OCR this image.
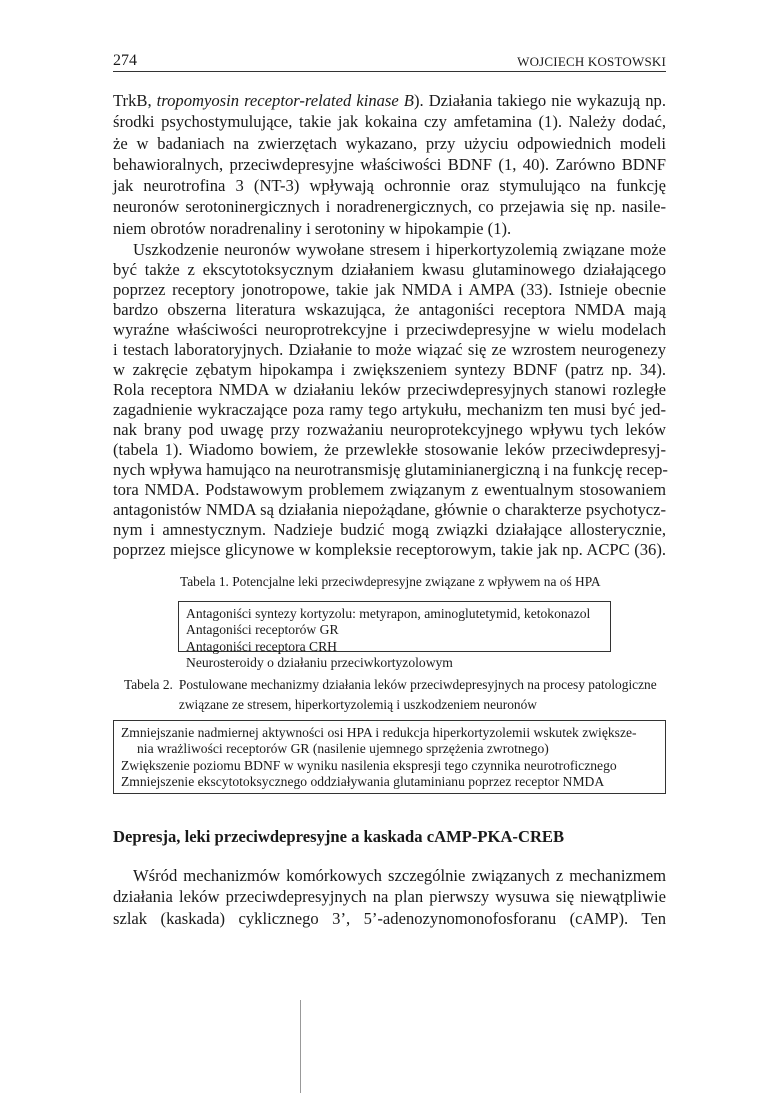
274	WOJCIECH KOSTOWSKI
TrkB, tropomyosin receptor-related kinase B). Działania takiego nie wykazują np.
środki psychostymulujące, takie jak kokaina czy amfetamina (1). Należy dodać,
że w badaniach na zwierzętach wykazano, przy użyciu odpowiednich modeli
behawioralnych, przeciwdepresyjne właściwości BDNF (1, 40). Zarówno BDNF
jak neurotrofina 3 (NT-3) wpływają ochronnie oraz stymulująco na funkcję
neuronów serotoninergicznych i noradrenergicznych, co przejawia się np. nasile-
niem obrotów noradrenaliny i serotoniny w hipokampie (1).
Uszkodzenie neuronów wywołane stresem i hiperkortyzolemią związane może
być także z ekscytotoksycznym działaniem kwasu glutaminowego działającego
poprzez receptory jonotropowe, takie jak NMDA i AMPA (33). Istnieje obecnie
bardzo obszerna literatura wskazująca, że antagoniści receptora NMDA mają
wyraźne właściwości neuroprotrekcyjne i przeciwdepresyjne w wielu modelach
i testach laboratoryjnych. Działanie to może wiązać się ze wzrostem neurogenezy
w zakręcie zębatym hipokampa i zwiększeniem syntezy BDNF (patrz np. 34).
Rola receptora NMDA w działaniu leków przeciwdepresyjnych stanowi rozległe
zagadnienie wykraczające poza ramy tego artykułu, mechanizm ten musi być jed-
nak brany pod uwagę przy rozważaniu neuroprotekcyjnego wpływu tych leków
(tabela 1). Wiadomo bowiem, że przewlekłe stosowanie leków przeciwdepresyj-
nych wpływa hamująco na neurotransmisję glutaminianergiczną i na funkcję recep-
tora NMDA. Podstawowym problemem związanym z ewentualnym stosowaniem
antagonistów NMDA są działania niepożądane, głównie o charakterze psychotycz-
nym i amnestycznym. Nadzieje budzić mogą związki działające allosterycznie,
poprzez miejsce glicynowe w kompleksie receptorowym, takie jak np. ACPC (36).
Tabela 1. Potencjalne leki przeciwdepresyjne związane z wpływem na oś HPA
Antagoniści syntezy kortyzolu: metyrapon, aminoglutetymid, ketokonazol
Antagoniści receptorów GR
Antagoniści receptora CRH
Neurosteroidy o działaniu przeciwkortyzolowym
Tabela 2. Postulowane mechanizmy działania leków przeciwdepresyjnych na procesy patologiczne
związane ze stresem, hiperkortyzolemią i uszkodzeniem neuronów
Zmniejszanie nadmiernej aktywności osi HPA i redukcja hiperkortyzolemii wskutek zwiększe-
nia wrażliwości receptorów GR (nasilenie ujemnego sprzężenia zwrotnego)
Zwiększenie poziomu BDNF w wyniku nasilenia ekspresji tego czynnika neurotroficznego
Zmniejszenie ekscytotoksycznego oddziaływania glutaminianu poprzez receptor NMDA
Depresja, leki przeciwdepresyjne a kaskada cAMP-PKA-CREB
Wśród mechanizmów komórkowych szczególnie związanych z mechanizmem
działania leków przeciwdepresyjnych na plan pierwszy wysuwa się niewątpliwie
szlak (kaskada) cyklicznego 3’, 5’-adenozynomonofosforanu (cAMP). Ten
